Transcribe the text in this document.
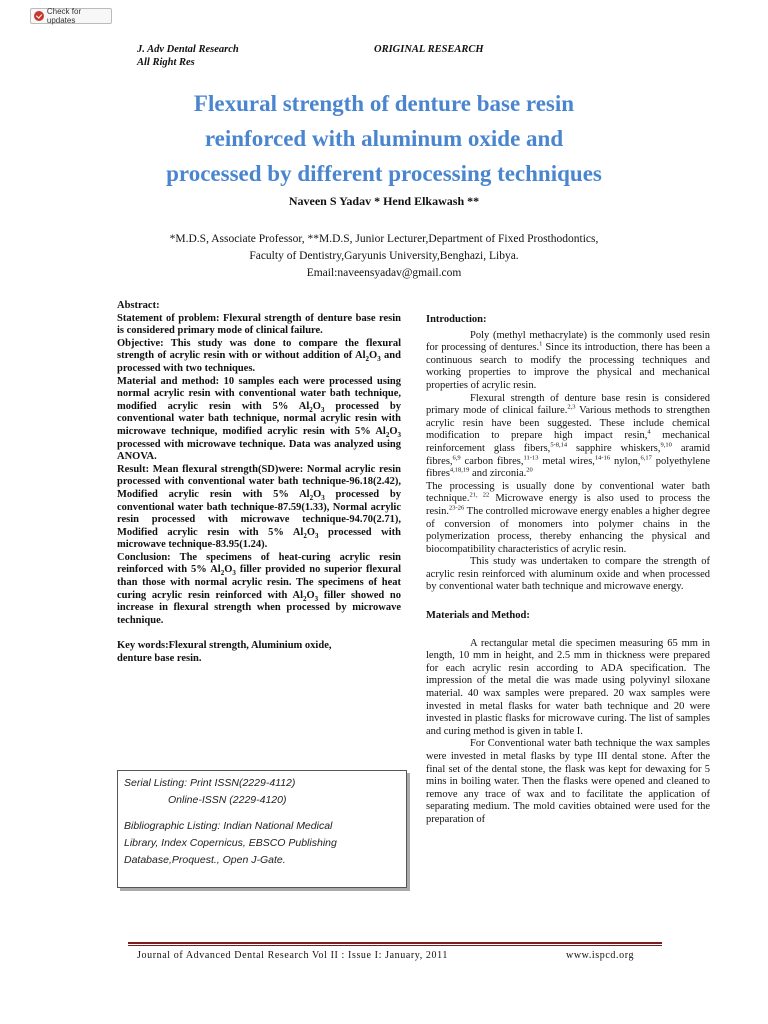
Check for updates
J. Adv Dental Research
All Right Res
ORIGINAL RESEARCH
Flexural strength of denture base resin
reinforced with aluminum oxide and
processed by different processing techniques
Naveen S Yadav * Hend Elkawash **
*M.D.S, Associate Professor, **M.D.S, Junior Lecturer,Department of Fixed Prosthodontics,
Faculty of Dentistry,Garyunis University,Benghazi, Libya.
Email:naveensyadav@gmail.com

Abstract:

Statement of problem: Flexural strength of denture base resin is considered primary mode of clinical failure.

Objective: This study was done to compare the flexural strength of acrylic resin with or without addition of $Al_2O_3$ and processed with two techniques.

Material and method: 10 samples each were processed using normal acrylic resin with conventional water bath technique, modified acrylic resin with 5% $Al_2O_3$ processed by conventional water bath technique, normal acrylic resin with microwave technique, modified acrylic resin with 5% $Al_2O_3$ processed with microwave technique. Data was analyzed using ANOVA.

Result: Mean flexural strength(SD)were: Normal acrylic resin processed with conventional water bath technique-96.18(2.42), Modified acrylic resin with 5% $Al_2O_3$ processed by conventional water bath technique-87.59(1.33), Normal acrylic resin processed with microwave technique-94.70(2.71), Modified acrylic resin with 5% $Al_2O_3$ processed with microwave technique-83.95(1.24).

Conclusion: The specimens of heat-curing acrylic resin reinforced with 5% $Al_2O_3$ filler provided no superior flexural than those with normal acrylic resin. The specimens of heat curing acrylic resin reinforced with $Al_2O_3$ filler showed no increase in flexural strength when processed by microwave technique.

Key words:Flexural strength, Aluminium oxide, denture base resin.

Serial Listing: Print ISSN(2229-4112)
Online-ISSN (2229-4120)
Bibliographic Listing: Indian National Medical
Library, Index Copernicus, EBSCO Publishing
Database,Proquest., Open J-Gate.

Introduction:

Poly (methyl methacrylate) is the commonly used resin for processing of dentures.$^1$ Since its introduction, there has been a continuous search to modify the processing techniques and working properties to improve the physical and mechanical properties of acrylic resin.

Flexural strength of denture base resin is considered primary mode of clinical failure.$^{2,3}$ Various methods to strengthen acrylic resin have been suggested. These include chemical modification to prepare high impact resin,$^4$ mechanical reinforcement glass fibers,$^{5-8,14}$ sapphire whiskers,$^{9,10}$ aramid fibres,$^{6,9}$ carbon fibres,$^{11-13}$ metal wires,$^{14-16}$ nylon,$^{6,17}$ polyethylene fibres$^{4,18,19}$ and zirconia.$^{20}$

The processing is usually done by conventional water bath technique.$^{21, 22}$ Microwave energy is also used to process the resin.$^{23-26}$ The controlled microwave energy enables a higher degree of conversion of monomers into polymer chains in the polymerization process, thereby enhancing the physical and biocompatibility characteristics of acrylic resin.

This study was undertaken to compare the strength of acrylic resin reinforced with aluminum oxide and when processed by conventional water bath technique and microwave energy.

Materials and Method:

A rectangular metal die specimen measuring 65 mm in length, 10 mm in height, and 2.5 mm in thickness were prepared for each acrylic resin according to ADA specification. The impression of the metal die was made using polyvinyl siloxane material. 40 wax samples were prepared. 20 wax samples were invested in metal flasks for water bath technique and 20 were invested in plastic flasks for microwave curing. The list of samples and curing method is given in table I.

For Conventional water bath technique the wax samples were invested in metal flasks by type III dental stone. After the final set of the dental stone, the flask was kept for dewaxing for 5 mins in boiling water. Then the flasks were opened and cleaned to remove any trace of wax and to facilitate the application of separating medium. The mold cavities obtained were used for the preparation of

Journal of Advanced Dental Research Vol II : Issue I: January, 2011	www.ispcd.org
